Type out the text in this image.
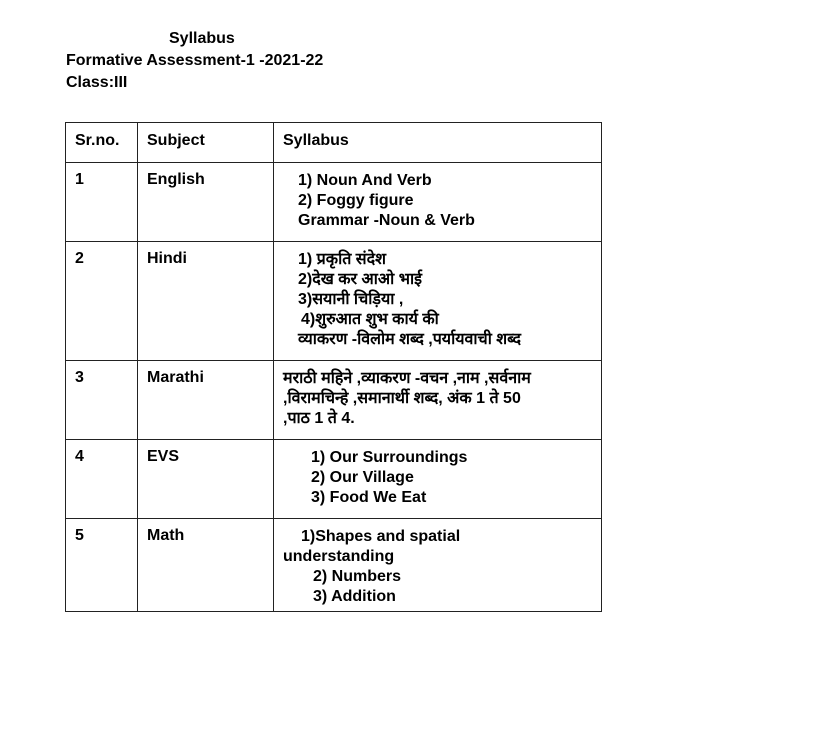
Syllabus
Formative Assessment-1 -2021-22
Class:III
Sr.no.	Subject	Syllabus
1	English	1) Noun And Verb
2) Foggy figure
Grammar -Noun & Verb

2	Hindi	1) प्रकृति संदेश
2)देख कर आओ भाई
3)सयानी चिड़िया ,
4)शुरुआत शुभ कार्य की
व्याकरण -विलोम शब्द ,पर्यायवाची शब्द

3	Marathi	मराठी महिने ,व्याकरण -वचन ,नाम ,सर्वनाम
,विरामचिन्हे ,समानार्थी शब्द, अंक 1 ते 50
,पाठ 1 ते 4.

4	EVS	1) Our Surroundings
2) Our Village
3) Food We Eat

5	Math	1)Shapes and spatial
understanding
2) Numbers
3) Addition
